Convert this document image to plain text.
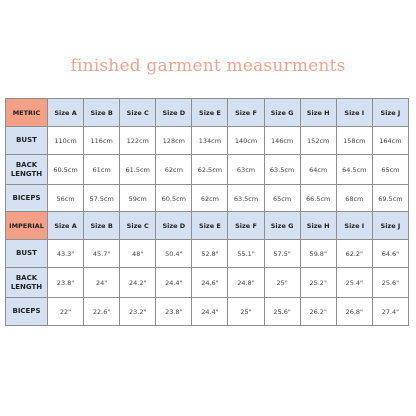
finished garment measurments
METRIC	Size A	Size B	Size C	Size D	Size E	Size F	Size G	Size H	Size I	Size J
BUST	110cm	116cm	122cm	128cm	134cm	140cm	146cm	152cm	158cm	164cm
BACK LENGTH	60.5cm	61cm	61.5cm	62cm	62.5cm	63cm	63.5cm	64cm	64.5cm	65cm
BICEPS	56cm	57.5cm	59cm	60.5cm	62cm	63.5cm	65cm	66.5cm	68cm	69.5cm
IMPERIAL	Size A	Size B	Size C	Size D	Size E	Size F	Size G	Size H	Size I	Size J
BUST	43.3"	45.7"	48"	50.4"	52.8"	55.1"	57.5"	59.8"	62.2"	64.6"
BACK LENGTH	23.8"	24"	24.2"	24.4"	24.6"	24.8"	25"	25.2"	25.4"	25.6"
BICEPS	22"	22.6"	23.2"	23.8"	24.4"	25"	25.6"	26.2"	26.8"	27.4"
